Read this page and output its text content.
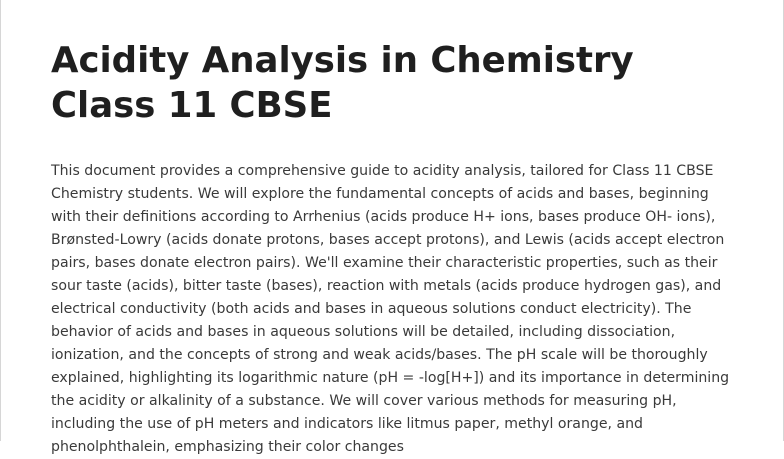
Acidity Analysis in Chemistry Class 11 CBSE

This document provides a comprehensive guide to acidity analysis, tailored for Class 11 CBSE Chemistry students. We will explore the fundamental concepts of acids and bases, beginning with their definitions according to Arrhenius (acids produce H+ ions, bases produce OH- ions), Brønsted-Lowry (acids donate protons, bases accept protons), and Lewis (acids accept electron pairs, bases donate electron pairs). We'll examine their characteristic properties, such as their sour taste (acids), bitter taste (bases), reaction with metals (acids produce hydrogen gas), and electrical conductivity (both acids and bases in aqueous solutions conduct electricity). The behavior of acids and bases in aqueous solutions will be detailed, including dissociation, ionization, and the concepts of strong and weak acids/bases. The pH scale will be thoroughly explained, highlighting its logarithmic nature (pH = -log[H+]) and its importance in determining the acidity or alkalinity of a substance. We will cover various methods for measuring pH, including the use of pH meters and indicators like litmus paper, methyl orange, and phenolphthalein, emphasizing their color changes
